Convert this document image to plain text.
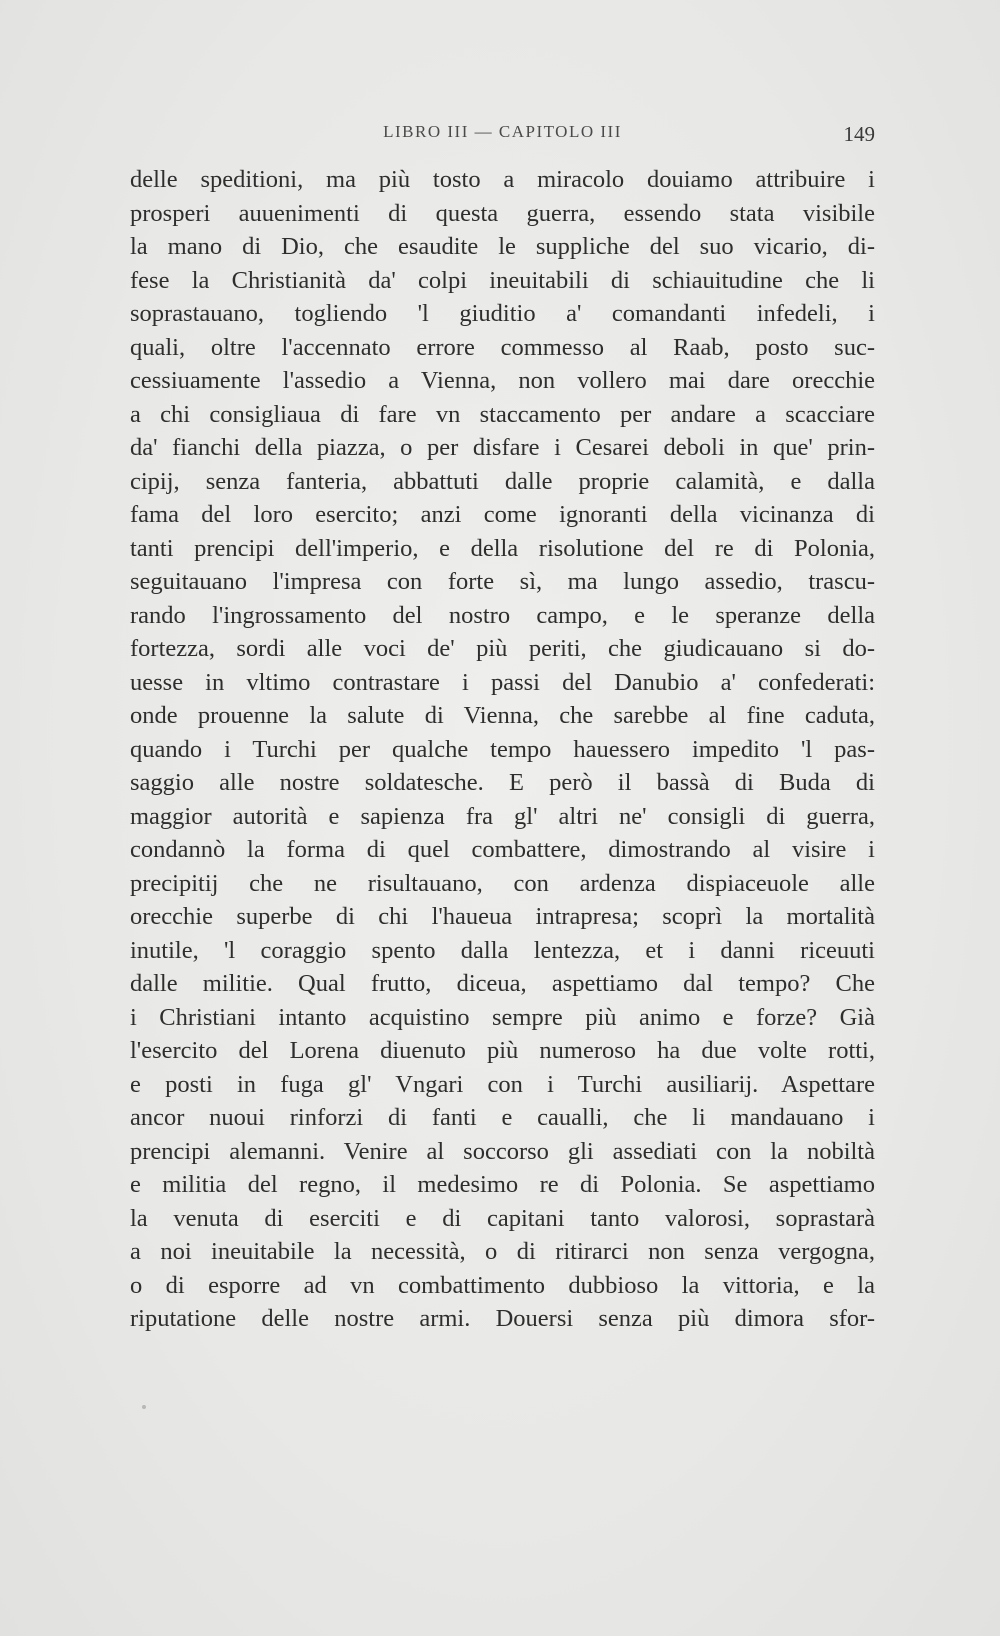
LIBRO III — CAPITOLO III	149
delle speditioni, ma più tosto a miracolo douiamo attribuire i
prosperi auuenimenti di questa guerra, essendo stata visibile
la mano di Dio, che esaudite le suppliche del suo vicario, di-
fese la Christianità da' colpi ineuitabili di schiauitudine che li
soprastauano, togliendo 'l giuditio a' comandanti infedeli, i
quali, oltre l'accennato errore commesso al Raab, posto suc-
cessiuamente l'assedio a Vienna, non vollero mai dare orecchie
a chi consigliaua di fare vn staccamento per andare a scacciare
da' fianchi della piazza, o per disfare i Cesarei deboli in que' prin-
cipij, senza fanteria, abbattuti dalle proprie calamità, e dalla
fama del loro esercito; anzi come ignoranti della vicinanza di
tanti prencipi dell'imperio, e della risolutione del re di Polonia,
seguitauano l'impresa con forte sì, ma lungo assedio, trascu-
rando l'ingrossamento del nostro campo, e le speranze della
fortezza, sordi alle voci de' più periti, che giudicauano si do-
uesse in vltimo contrastare i passi del Danubio a' confederati:
onde prouenne la salute di Vienna, che sarebbe al fine caduta,
quando i Turchi per qualche tempo hauessero impedito 'l pas-
saggio alle nostre soldatesche. E però il bassà di Buda di
maggior autorità e sapienza fra gl' altri ne' consigli di guerra,
condannò la forma di quel combattere, dimostrando al visire i
precipitij che ne risultauano, con ardenza dispiaceuole alle
orecchie superbe di chi l'haueua intrapresa; scoprì la mortalità
inutile, 'l coraggio spento dalla lentezza, et i danni riceuuti
dalle militie. Qual frutto, diceua, aspettiamo dal tempo? Che
i Christiani intanto acquistino sempre più animo e forze? Già
l'esercito del Lorena diuenuto più numeroso ha due volte rotti,
e posti in fuga gl' Vngari con i Turchi ausiliarij. Aspettare
ancor nuoui rinforzi di fanti e caualli, che li mandauano i
prencipi alemanni. Venire al soccorso gli assediati con la nobiltà
e militia del regno, il medesimo re di Polonia. Se aspettiamo
la venuta di eserciti e di capitani tanto valorosi, soprastarà
a noi ineuitabile la necessità, o di ritirarci non senza vergogna,
o di esporre ad vn combattimento dubbioso la vittoria, e la
riputatione delle nostre armi. Douersi senza più dimora sfor-
